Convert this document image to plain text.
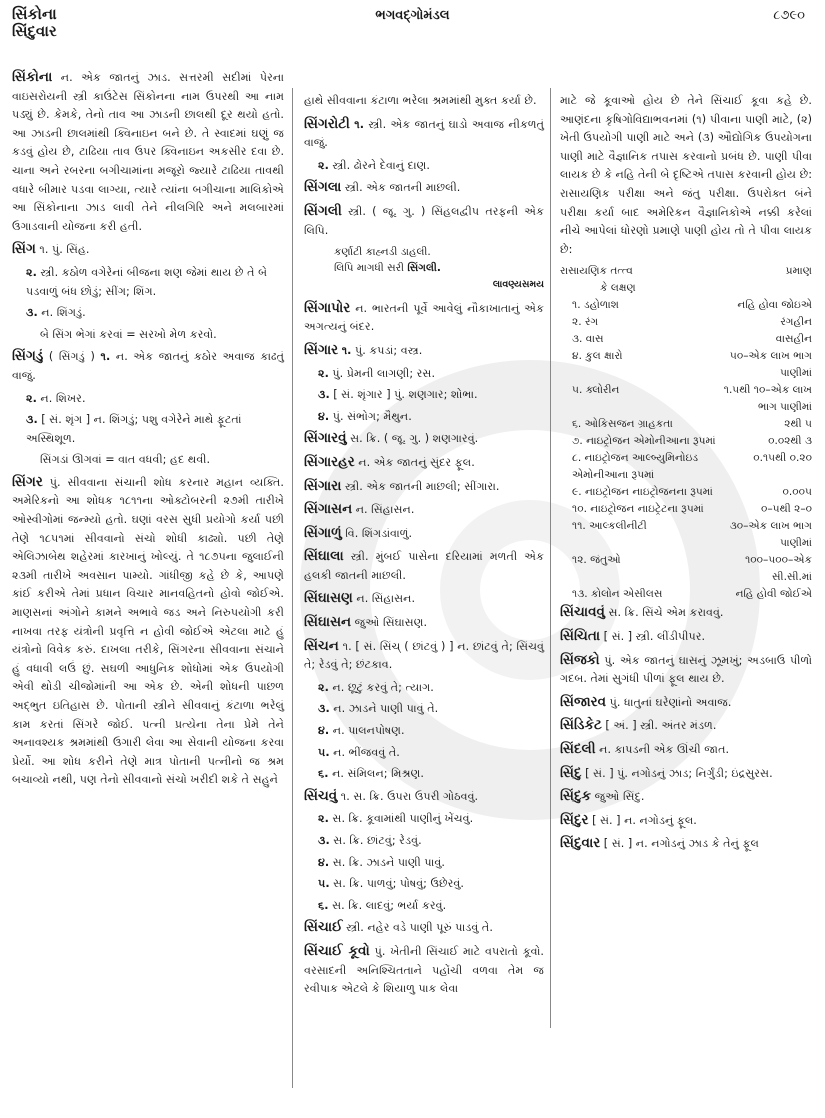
સિંકોના
સિંદુવાર
ભગવદ્ગોમંડલ	૮૭૯૦

સિંકોના ન. એક જાતનું ઝાડ. સત્તરમી સદીમાં પેરના વાઇસરોયની સ્ત્રી કાઉંટેસ સિંકોનના નામ ઉપરથી આ નામ પડ્યું છે. કેમકે, તેનો તાવ આ ઝાડની છાલથી દૂર થયો હતો. આ ઝાડની છાલમાંથી ક્વિનાઇન બને છે. તે સ્વાદમાં ઘણું જ કડવું હોય છે, ટાઢિયા તાવ ઉપર ક્વિનાઇન અકસીર દવા છે. ચાના અને રબરના બગીચામાંના મજૂરો જ્યારે ટાઢિયા તાવથી વધારે બીમાર પડવા લાગ્યા, ત્યારે ત્યાંના બગીચાના માલિકોએ આ સિંકોનાના ઝાડ લાવી તેને નીલગિરિ અને મલબારમાં ઉગાડવાની યોજના કરી હતી.

સિંગ ૧. પું. સિંહ.

૨. સ્ત્રી. કઠોળ વગેરેનાં બીજના શણ જેમાં થાય છે તે બે પડવાળું બંધ છોડું; સીંગ; શિંગ.

૩. ન. શિંગડું.

બે સિંગ ભેગાં કરવાં = સરખો મેળ કરવો.

સિંગડું ( સિંગડું ) ૧. ન. એક જાતનું કઠોર અવાજ કાઢતું વાજું.

૨. ન. શિખર.

૩. [ સં. શૃંગ ] ન. શિંગડું; પશુ વગેરેને માથે ફૂટતાં અસ્થિશૂળ.

સિંગડાં ઊગવાં = વાત વધવી; હદ થવી.

સિંગર પું. સીવવાના સંચાની શોધ કરનાર મહાન વ્યક્તિ. અમેરિકનો આ શોધક ૧૮૧૧ના ઓક્ટોબરની ૨૭મી તારીખે ઓસ્વીગોમાં જન્મ્યો હતો. ઘણાં વરસ સુધી પ્રયોગો કર્યા પછી તેણે ૧૮૫૧માં સીવવાનો સંચો શોધી કાઢ્યો. પછી તેણે એલિઝાબેથ શહેરમાં કારખાનું ખોલ્યું. તે ૧૮૭૫ના જુલાઈની ૨૩મી તારીખે અવસાન પામ્યો. ગાંધીજી કહે છે કે, આપણે કાંઈ કરીએ તેમાં પ્રધાન વિચાર માનવહિતનો હોવો જોઈએ. માણસનાં અંગોને કામને અભાવે જડ અને નિરુપયોગી કરી નાખવા તરફ યંત્રોની પ્રવૃત્તિ ન હોવી જોઈએ એટલા માટે હું યંત્રોનો વિવેક કરું. દાખલા તરીકે, સિંગરના સીવવાના સંચાને હું વધાવી લઉં છું. સઘળી આધુનિક શોધોમાં એક ઉપયોગી એવી થોડી ચીજોમાંની આ એક છે. એની શોધની પાછળ અદ્ભુત ઇતિહાસ છે. પોતાની સ્ત્રીને સીવવાનું કંટાળા ભરેલું કામ કરતાં સિંગરે જોઈ. પત્ની પ્રત્યેના તેના પ્રેમે તેને અનાવશ્યક શ્રમમાંથી ઉગારી લેવા આ સેવાની યોજના કરવા પ્રેર્યો. આ શોધ કરીને તેણે માત્ર પોતાની પત્નીનો જ શ્રમ બચાવ્યો નથી, પણ તેનો સીવવાનો સંચો ખરીદી શકે તે સહુને

હાથે સીવવાના કંટાળા ભરેલા શ્રમમાંથી મુક્ત કર્યા છે.

સિંગરોટી ૧. સ્ત્રી. એક જાતનું ઘાડો અવાજ નીકળતું વાજું.

૨. સ્ત્રી. ઢોરને દેવાનું દાણ.

સિંગલા સ્ત્રી. એક જાતની માછલી.

સિંગલી સ્ત્રી. ( જૂ. ગુ. ) સિંહલદ્વીપ તરફની એક લિપિ.

કર્ણાટી કાહ્નડી ડાહલી.
લિપિ માગધી સરી સિંગલી.
લાવણ્યસમય

સિંગાપોર ન. ભારતની પૂર્વે આવેલું નૌકાખાતાનું એક અગત્યનું બંદર.

સિંગાર ૧. પું. કપડાં; વસ્ત્ર.

૨. પું. પ્રેમની લાગણી; રસ.

૩. [ સં. શૃંગાર ] પું. શણગાર; શોભા.

૪. પું. સંભોગ; મૈથુન.

સિંગારવું સ. ક્રિ. ( જૂ. ગુ. ) શણગારવું.

સિંગારહર ન. એક જાતનું સુંદર ફૂલ.

સિંગારા સ્ત્રી. એક જાતની માછલી; સીંગારા.

સિંગાસન ન. સિંહાસન.

સિંગાળું વિ. શિંગડાંવાળું.

સિંઘાલા સ્ત્રી. મુંબઈ પાસેના દરિયામાં મળતી એક હલકી જાતની માછલી.

સિંઘાસણ ન. સિંહાસન.

સિંઘાસન જુઓ સિંઘાસણ.

સિંચન ૧. [ સં. સિંચ્ ( છાંટવું ) ] ન. છાંટવું તે; સિંચવું તે; રેડવું તે; છંટકાવ.

૨. ન. છૂટું કરવું તે; ત્યાગ.

૩. ન. ઝાડને પાણી પાવું તે.

૪. ન. પાલનપોષણ.

૫. ન. ભીંજવવું તે.

૬. ન. સંમિલન; મિશ્રણ.

સિંચવું ૧. સ. ક્રિ. ઉપરા ઉપરી ગોઠવવું.

૨. સ. ક્રિ. કૂવામાંથી પાણીનું ખેંચવું.

૩. સ. ક્રિ. છાંટવું; રેડવું.

૪. સ. ક્રિ. ઝાડને પાણી પાવું.

૫. સ. ક્રિ. પાળવું; પોષવું; ઉછેરવું.

૬. સ. ક્રિ. લાદવું; ભર્યા કરવું.

સિંચાઈ સ્ત્રી. નહેર વડે પાણી પૂરું પાડવું તે.

સિંચાઈ કૂવો પું. ખેતીની સિંચાઈ માટે વપરાતો કૂવો. વરસાદની અનિશ્ચિતતાને પહોંચી વળવા તેમ જ રવીપાક એટલે કે શિયાળુ પાક લેવા

માટે જે કૂવાઓ હોય છે તેને સિંચાઈ કૂવા કહે છે. આણંદના કૃષિગોવિદ્યાભવનમાં (૧) પીવાના પાણી માટે, (૨) ખેતી ઉપયોગી પાણી માટે અને (૩) ઔદ્યોગિક ઉપયોગના પાણી માટે વૈજ્ઞાનિક તપાસ કરવાનો પ્રબંધ છે. પાણી પીવા લાયક છે કે નહિ તેની બે દૃષ્ટિએ તપાસ કરવાની હોય છે: રાસાયણિક પરીક્ષા અને જંતુ પરીક્ષા. ઉપરોક્ત બંને પરીક્ષા કર્યા બાદ અમેરિકન વૈજ્ઞાનિકોએ નક્કી કરેલાં નીચે આપેલાં ધોરણો પ્રમાણે પાણી હોય તો તે પીવા લાયક છે:

રાસાયણિક તત્ત્વ
કે લક્ષણ	પ્રમાણ
૧. ડહોળાશ	નહિ હોવા જોઇએ
૨. રંગ	રંગહીન
૩. વાસ	વાસહીન
૪. કુલ ક્ષારો	૫૦–એક લાખ ભાગ પાણીમાં
૫. ક્લોરીન	૧.૫થી ૧૦–એક લાખ ભાગ પાણીમાં
૬. ઓકિસજન ગ્રાહકતા	૨થી ૫
૭. નાઇટ્રોજન એમોનીઆના રૂપમાં	૦.૦૨થી ૩
૮. નાઇટ્રોજન આલ્બ્યુમિનોઇડ એમોનીઆના રૂપમાં	૦.૧૫થી ૦.૨૦
૯. નાઇટ્રોજન નાઇટ્રોજનના રૂપમાં	૦.૦૦૫
૧૦. નાઇટ્રોજન નાઇટ્રેટના રૂપમાં	૦–૫થી ૨–૦
૧૧. આલ્કલીનીટી	૩૦–એક લાખ ભાગ પાણીમાં
૧૨. જંતુઓ	૧૦૦–૫૦૦–એક સી.સી.માં
૧૩. કોલોન એસીલસ	નહિ હોવી જોઈએ

સિંચાવવું સ. ક્રિ. સિંચે એમ કરાવવું.

સિંચિતા [ સં. ] સ્ત્રી. લીંડીપીપર.

સિંજકો પું. એક જાતનું ઘાસનું ઝૂમખું; અડબાઉ પીળો ગદબ. તેમાં સુગંધી પીળાં ફૂલ થાય છે.

સિંજારવ પું. ધાતુનાં ઘરેણાંનો અવાજ.

સિંડિકેટ [ અં. ] સ્ત્રી. અંતર મંડળ.

સિંદલી ન. કાપડની એક ઊંચી જાત.

સિંદુ [ સં. ] પું. નગોડનું ઝાડ; નિર્ગુંડી; ઇંદ્રસુરસ.

સિંદુક જુઓ સિંદુ.

સિંદુર [ સં. ] ન. નગોડનું ફૂલ.

સિંદુવાર [ સં. ] ન. નગોડનું ઝાડ કે તેનું ફૂલ
